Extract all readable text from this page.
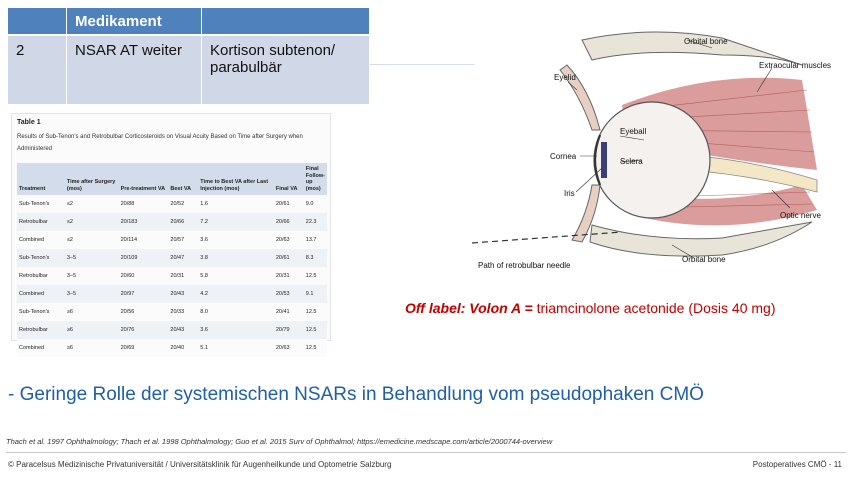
	Medikament	
2	NSAR AT weiter	Kortison subtenon/ parabulbär
Table 1
Results of Sub-Tenon's and Retrobulbar Corticosteroids on Visual Acuity Based on Time after Surgery when Administered
Treatment	Time after Surgery (mos)	Pre-treatment VA	Best VA	Time to Best VA after Last Injection (mos)	Final VA	Final Follow-up (mos)
Sub-Tenon's	≤2	20/88	20/52	1.6	20/61	9.0
Retrobulbar	≤2	20/183	20/66	7.2	20/66	22.3
Combined	≤2	20/114	20/57	3.6	20/63	13.7
Sub-Tenon's	3–5	20/109	20/47	3.8	20/61	8.3
Retrobulbar	3–5	20/60	20/31	5.8	20/31	12.5
Combined	3–5	20/97	20/43	4.2	20/53	9.1
Sub-Tenon's	≥6	20/56	20/33	8.0	20/41	12.5
Retrobulbar	≥6	20/76	20/43	3.6	20/79	12.5
Combined	≥6	20/69	20/40	5.1	20/63	12.5
Orbital bone
Extraocular muscles
Eyelid
Eyeball
Cornea
Sclera
Iris
Optic nerve
Path of retrobulbar needle
Orbital bone
Off label: Volon A = triamcinolone acetonide (Dosis 40 mg)
- Geringe Rolle der systemischen NSARs in Behandlung vom pseudophaken CMÖ
Thach et al. 1997 Ophthalmology; Thach et al. 1998 Ophthalmology; Guo et al. 2015 Surv of Ophthalmol; https://emedicine.medscape.com/article/2000744-overview
© Paracelsus Medizinische Privatuniversität / Universitätsklinik für Augenheilkunde und Optometrie Salzburg	Postoperatives CMÖ - 11
